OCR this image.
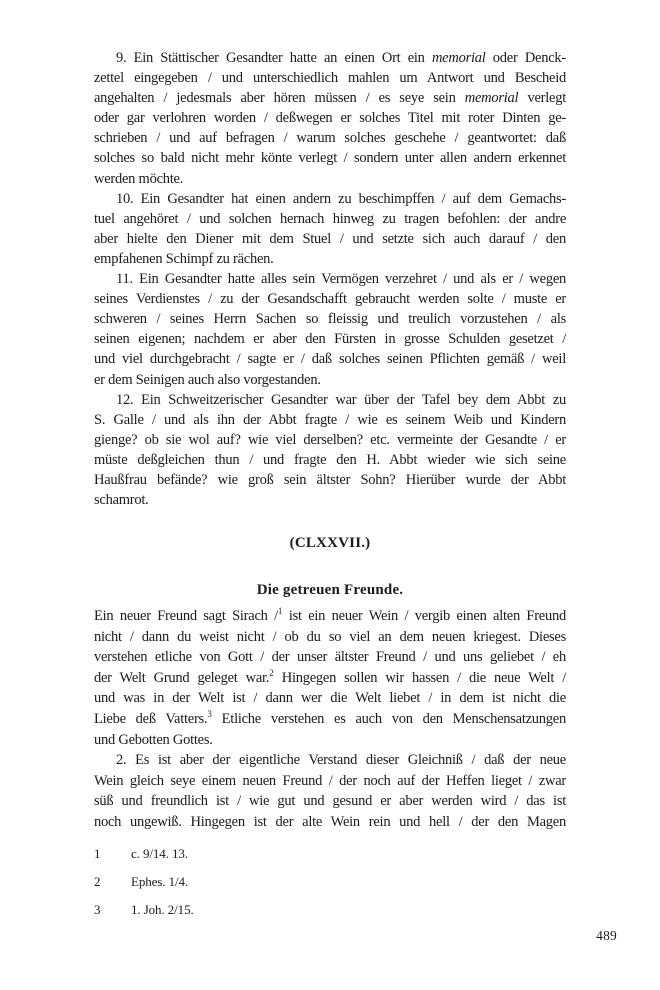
9. Ein Stättischer Gesandter hatte an einen Ort ein memorial oder Denck-
zettel eingegeben / und unterschiedlich mahlen um Antwort und Bescheid
angehalten / jedesmals aber hören müssen / es seye sein memorial verlegt
oder gar verlohren worden / deßwegen er solches Titel mit roter Dinten ge-
schrieben / und auf befragen / warum solches geschehe / geantwortet: daß
solches so bald nicht mehr könte verlegt / sondern unter allen andern erkennet
werden möchte.
10. Ein Gesandter hat einen andern zu beschimpffen / auf dem Gemachs-
tuel angehöret / und solchen hernach hinweg zu tragen befohlen: der andre
aber hielte den Diener mit dem Stuel / und setzte sich auch darauf / den
empfahenen Schimpf zu rächen.
11. Ein Gesandter hatte alles sein Vermögen verzehret / und als er / wegen
seines Verdienstes / zu der Gesandschafft gebraucht werden solte / muste er
schweren / seines Herrn Sachen so fleissig und treulich vorzustehen / als
seinen eigenen; nachdem er aber den Fürsten in grosse Schulden gesetzet /
und viel durchgebracht / sagte er / daß solches seinen Pflichten gemäß / weil
er dem Seinigen auch also vorgestanden.
12. Ein Schweitzerischer Gesandter war über der Tafel bey dem Abbt zu
S. Galle / und als ihn der Abbt fragte / wie es seinem Weib und Kindern
gienge? ob sie wol auf? wie viel derselben? etc. vermeinte der Gesandte / er
müste deßgleichen thun / und fragte den H. Abbt wieder wie sich seine
Haußfrau befände? wie groß sein ältster Sohn? Hierüber wurde der Abbt
schamrot.
(CLXXVII.)
Die getreuen Freunde.
Ein neuer Freund sagt Sirach /$^1$ ist ein neuer Wein / vergib einen alten Freund
nicht / dann du weist nicht / ob du so viel an dem neuen kriegest. Dieses
verstehen etliche von Gott / der unser ältster Freund / und uns geliebet / eh
der Welt Grund geleget war.$^2$ Hingegen sollen wir hassen / die neue Welt /
und was in der Welt ist / dann wer die Welt liebet / in dem ist nicht die
Liebe deß Vatters.$^3$ Etliche verstehen es auch von den Menschensatzungen
und Gebotten Gottes.
2. Es ist aber der eigentliche Verstand dieser Gleichniß / daß der neue
Wein gleich seye einem neuen Freund / der noch auf der Heffen lieget / zwar
süß und freundlich ist / wie gut und gesund er aber werden wird / das ist
noch ungewiß. Hingegen ist der alte Wein rein und hell / der den Magen
1 c. 9/14. 13.
2 Ephes. 1/4.
3 1. Joh. 2/15.
489
